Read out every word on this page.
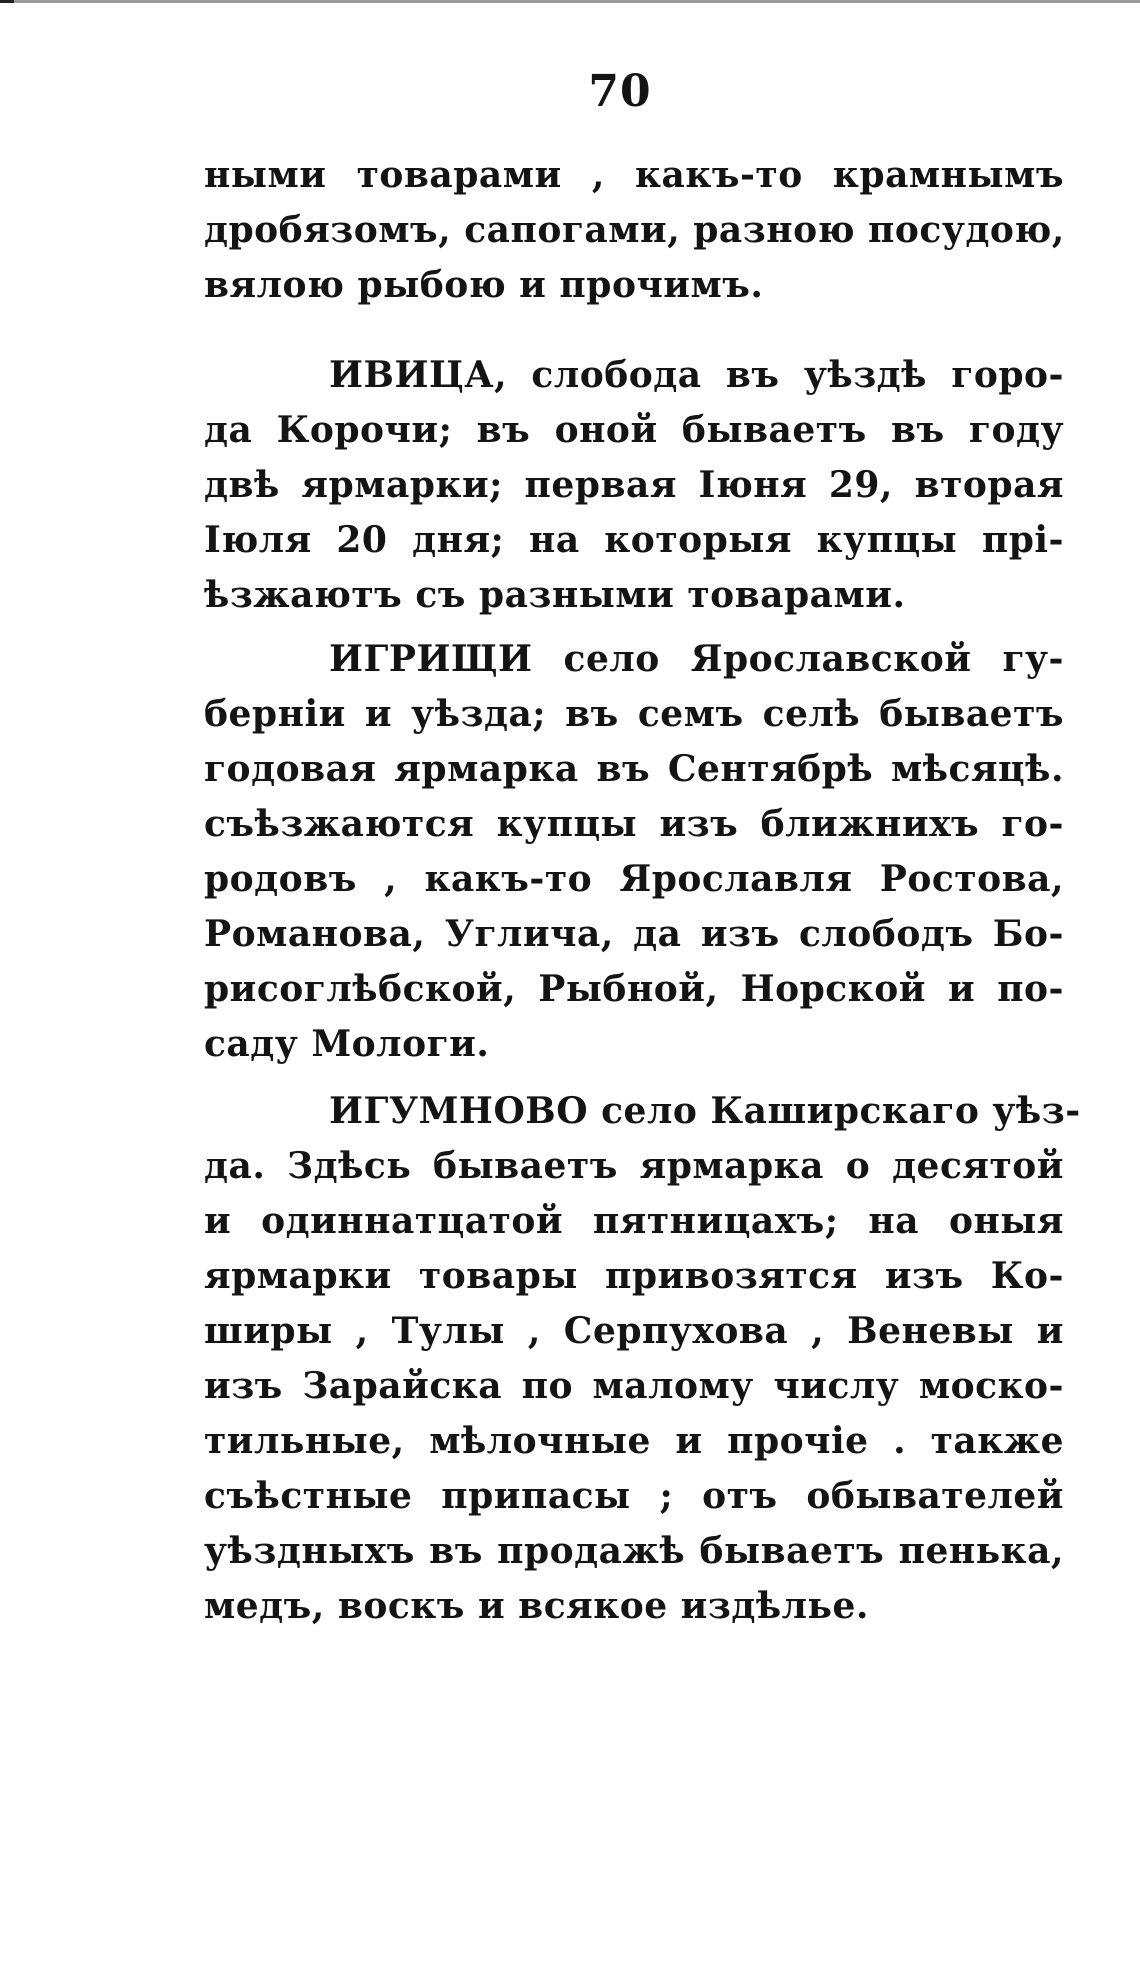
70
ными товарами , какъ-то крамнымъ
дробязомъ, сапогами, разною посудою,
вялою рыбою и прочимъ.
ИВИЦА, слобода въ уѣздѣ горо-
да Корочи; въ оной бываетъ въ году
двѣ ярмарки; первая Іюня 29, вторая
Іюля 20 дня; на которыя купцы прі-
ѣзжаютъ съ разными товарами.
ИГРИЩИ село Ярославской гу-
берніи и уѣзда; въ семъ селѣ бываетъ
годовая ярмарка въ Сентябрѣ мѣсяцѣ.
съѣзжаются купцы изъ ближнихъ го-
родовъ , какъ-то Ярославля Ростова,
Романова, Углича, да изъ слободъ Бо-
рисоглѣбской, Рыбной, Норской и по-
саду Мологи.
ИГУМНОВО село Каширскаго уѣз-
да. Здѣсь бываетъ ярмарка о десятой
и одиннатцатой пятницахъ; на оныя
ярмарки товары привозятся изъ Ко-
ширы , Тулы , Серпухова , Веневы и
изъ Зарайска по малому числу моско-
тильные, мѣлочные и прочіе . также
съѣстные припасы ; отъ обывателей
уѣздныхъ въ продажѣ бываетъ пенька,
медъ, воскъ и всякое издѣлье.
